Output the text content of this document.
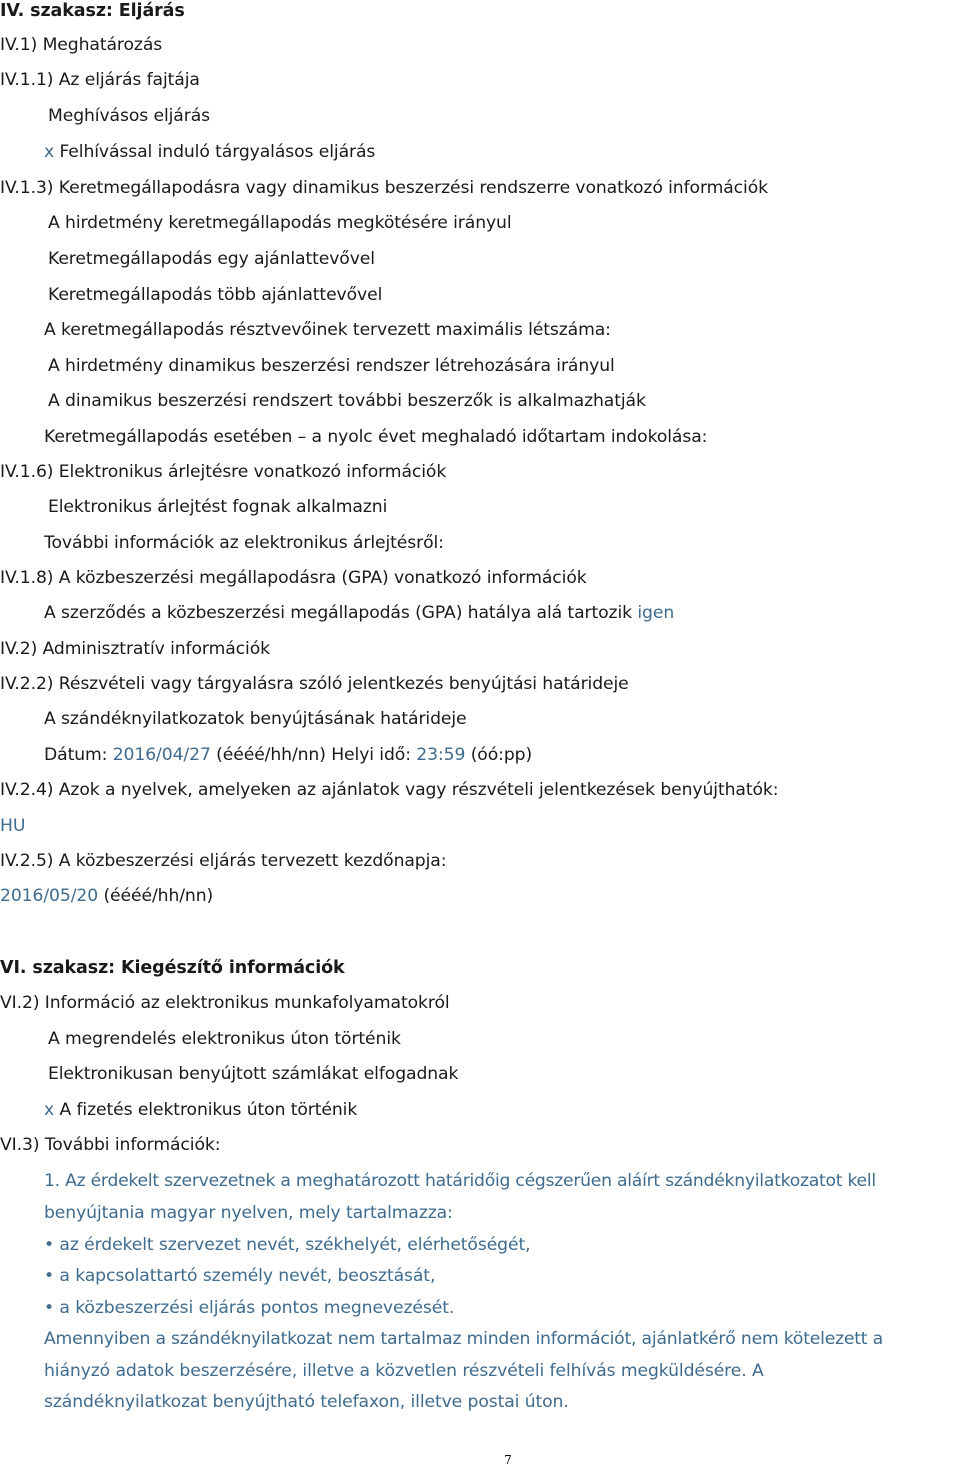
IV. szakasz: Eljárás
IV.1) Meghatározás
IV.1.1) Az eljárás fajtája
Meghívásos eljárás
x Felhívással induló tárgyalásos eljárás
IV.1.3) Keretmegállapodásra vagy dinamikus beszerzési rendszerre vonatkozó információk
A hirdetmény keretmegállapodás megkötésére irányul
Keretmegállapodás egy ajánlattevővel
Keretmegállapodás több ajánlattevővel
A keretmegállapodás résztvevőinek tervezett maximális létszáma:
A hirdetmény dinamikus beszerzési rendszer létrehozására irányul
A dinamikus beszerzési rendszert további beszerzők is alkalmazhatják
Keretmegállapodás esetében – a nyolc évet meghaladó időtartam indokolása:
IV.1.6) Elektronikus árlejtésre vonatkozó információk
Elektronikus árlejtést fognak alkalmazni
További információk az elektronikus árlejtésről:
IV.1.8) A közbeszerzési megállapodásra (GPA) vonatkozó információk
A szerződés a közbeszerzési megállapodás (GPA) hatálya alá tartozik igen
IV.2) Adminisztratív információk
IV.2.2) Részvételi vagy tárgyalásra szóló jelentkezés benyújtási határideje
A szándéknyilatkozatok benyújtásának határideje
Dátum: 2016/04/27 (éééé/hh/nn) Helyi idő: 23:59 (óó:pp)
IV.2.4) Azok a nyelvek, amelyeken az ajánlatok vagy részvételi jelentkezések benyújthatók:
HU
IV.2.5) A közbeszerzési eljárás tervezett kezdőnapja:
2016/05/20 (éééé/hh/nn)
VI. szakasz: Kiegészítő információk
VI.2) Információ az elektronikus munkafolyamatokról
A megrendelés elektronikus úton történik
Elektronikusan benyújtott számlákat elfogadnak
x A fizetés elektronikus úton történik
VI.3) További információk:
1. Az érdekelt szervezetnek a meghatározott határidőig cégszerűen aláírt szándéknyilatkozatot kell
benyújtania magyar nyelven, mely tartalmazza:
• az érdekelt szervezet nevét, székhelyét, elérhetőségét,
• a kapcsolattartó személy nevét, beosztását,
• a közbeszerzési eljárás pontos megnevezését.
Amennyiben a szándéknyilatkozat nem tartalmaz minden információt, ajánlatkérő nem kötelezett a
hiányzó adatok beszerzésére, illetve a közvetlen részvételi felhívás megküldésére. A
szándéknyilatkozat benyújtható telefaxon, illetve postai úton.
7
